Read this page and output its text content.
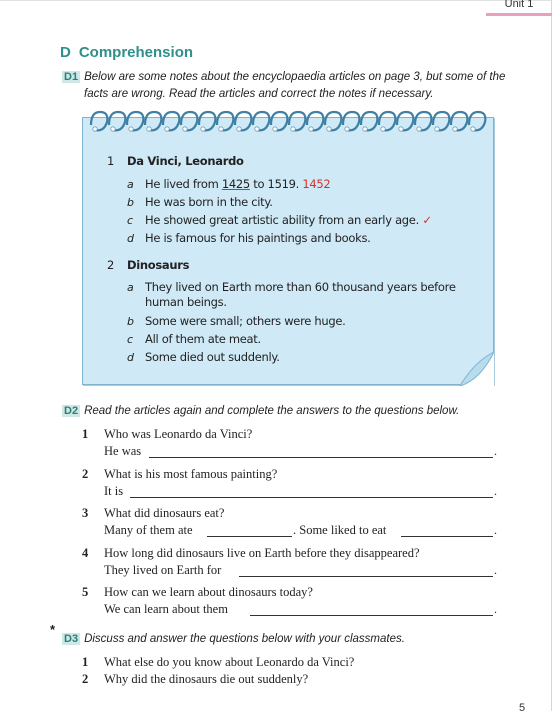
Unit 1
D Comprehension
D1 Below are some notes about the encyclopaedia articles on page 3, but some of the
facts are wrong. Read the articles and correct the notes if necessary.
1 Da Vinci, Leonardo
a He lived from 1425 to 1519. 1452
b He was born in the city.
c He showed great artistic ability from an early age. ✓
d He is famous for his paintings and books.
2 Dinosaurs
a They lived on Earth more than 60 thousand years before
human beings.
b Some were small; others were huge.
c All of them ate meat.
d Some died out suddenly.
D2 Read the articles again and complete the answers to the questions below.
1 Who was Leonardo da Vinci?
He was	.
2 What is his most famous painting?
It is	.
3 What did dinosaurs eat?
Many of them ate	. Some liked to eat	.
4 How long did dinosaurs live on Earth before they disappeared?
They lived on Earth for	.
5 How can we learn about dinosaurs today?
We can learn about them	.
*
D3 Discuss and answer the questions below with your classmates.
1 What else do you know about Leonardo da Vinci?
2 Why did the dinosaurs die out suddenly?
5
